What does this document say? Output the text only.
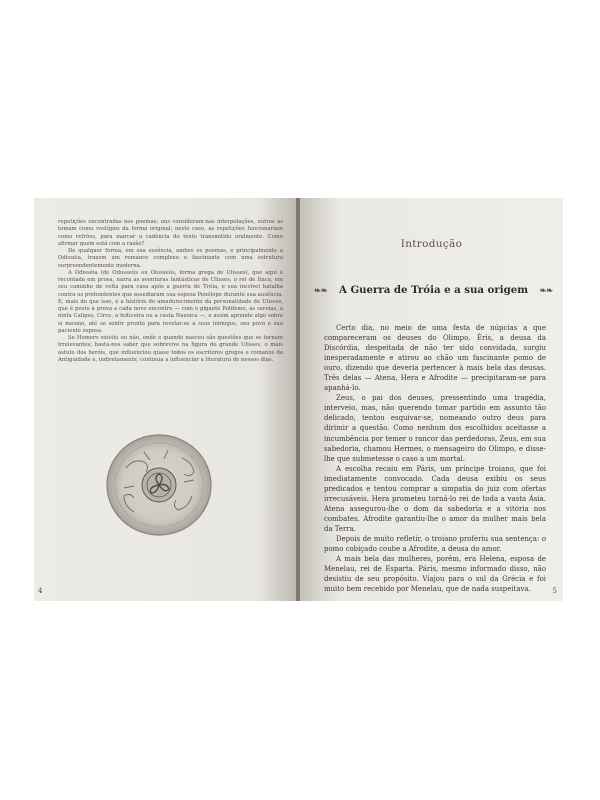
repetições encontradas nos poemas; uns consideram-nas interpolações, outros as tomam como vestígios da forma original; neste caso, as repetições funcionariam como refrões, para marcar a cadência do texto transmitido oralmente. Como afirmar quem está com a razão?

De qualquer forma, em sua essência, ambos os poemas, e principalmente a Odisséia, trazem um romance complexo e fascinante com uma estrutura surpreendentemente moderna.

A Odisséia (de Odusseús ou Olusseús, forma grega de Ulisses), que aqui é recontada em prosa, narra as aventuras fantásticas de Ulisses, o rei de Ítaca, em seu caminho de volta para casa após a guerra de Tróia, e sua incrível batalha contra os pretendentes que assediaram sua esposa Penélope durante sua ausência. E, mais do que isso, é a história do amadurecimento da personalidade de Ulisses, que é posto à prova a cada novo encontro — com o gigante Polifemo, as sereias, a ninfa Calipso, Circe, a feiticeira ou a casta Nausica —, e assim aprende algo sobre si mesmo, até se sentir pronto para revelar-se a seus inimigos, seu povo e sua paciente esposa.

Se Homero existiu ou não, onde e quando nasceu são questões que se tornam irrelevantes; basta-nos saber que sobrevive na figura do grande Ulisses, o mais astuto dos heróis, que influenciou quase todos os escritores gregos e romanos da Antiguidade e, indiretamente, continua a influenciar a literatura de nossos dias.

4
Introdução
❧❧ A Guerra de Tróia e a sua origem ❧❧

Certo dia, no meio de uma festa de núpcias a que compareceram os deuses do Olimpo, Éris, a deusa da Discórdia, despeitada de não ter sido convidada, surgiu inesperadamente e atirou ao chão um fascinante pomo de ouro, dizendo que deveria pertencer à mais bela das deusas. Três delas — Atena, Hera e Afrodite — precipitaram-se para apanhá-lo.

Zeus, o pai dos deuses, pressentindo uma tragédia, interveio, mas, não querendo tomar partido em assunto tão delicado, tentou esquivar-se, nomeando outro deus para dirimir a questão. Como nenhum dos escolhidos aceitasse a incumbência por temer o rancor das perdedoras, Zeus, em sua sabedoria, chamou Hermes, o mensageiro do Olimpo, e disse-lhe que submetesse o caso a um mortal.

A escolha recaiu em Páris, um príncipe troiano, que foi imediatamente convocado. Cada deusa exibiu os seus predicados e tentou comprar a simpatia do juiz com ofertas irrecusáveis. Hera prometeu torná-lo rei de toda a vasta Ásia. Atena assegurou-lhe o dom da sabedoria e a vitória nos combates. Afrodite garantiu-lhe o amor da mulher mais bela da Terra.

Depois de muito refletir, o troiano proferiu sua sentença: o pomo cobiçado coube a Afrodite, a deusa do amor.

A mais bela das mulheres, porém, era Helena, esposa de Menelau, rei de Esparta. Páris, mesmo informado disso, não desistiu de seu propósito. Viajou para o sul da Grécia e foi muito bem recebido por Menelau, que de nada suspeitava.	5
